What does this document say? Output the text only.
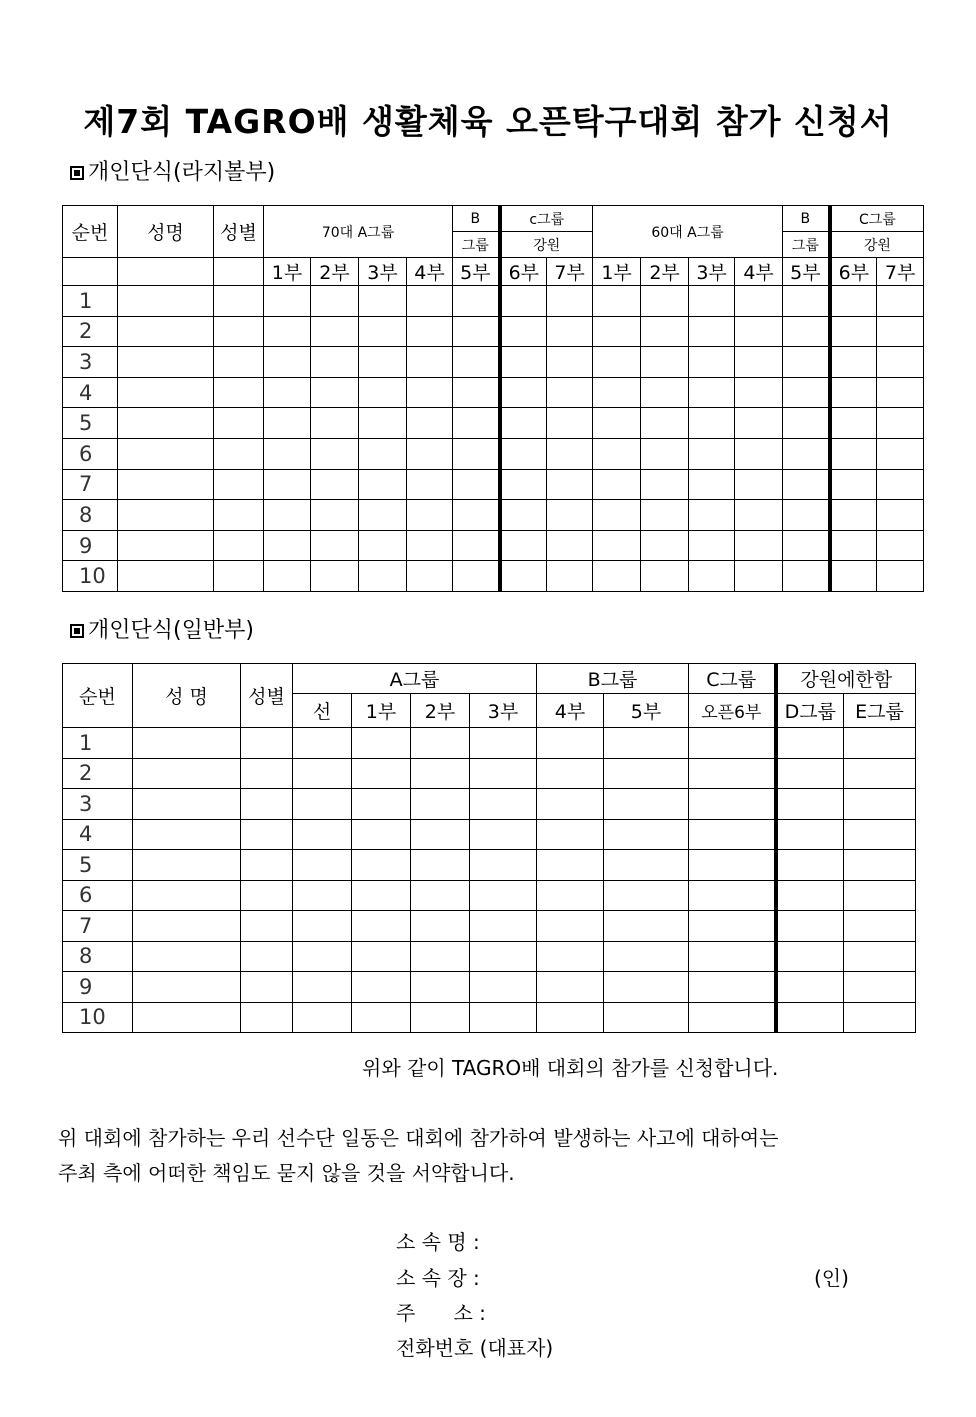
제7회 TAGRO배 생활체육 오픈탁구대회 참가 신청서

개인단식(라지볼부)

순번	성명	성별	70대 A그룹				B	c그룹		60대 A그룹				B	C그룹	
							그룹	강원						그룹	강원	
			1부	2부	3부	4부	5부	6부	7부	1부	2부	3부	4부	5부	6부	7부
1																
2																
3																
4																
5																
6																
7																
8																
9																
10																

개인단식(일반부)

순번	성 명	성별	A그룹				B그룹		C그룹	강원에한함	
			선	1부	2부	3부	4부	5부	오픈6부	D그룹	E그룹
1											
2											
3											
4											
5											
6											
7											
8											
9											
10											

위와 같이 TAGRO배 대회의 참가를 신청합니다.

위 대회에 참가하는 우리 선수단 일동은 대회에 참가하여 발생하는 사고에 대하여는

주최 측에 어떠한 책임도 묻지 않을 것을 서약합니다.

소 속 명 :

소 속 장 :	(인)

주      소 :

전화번호 (대표자)
